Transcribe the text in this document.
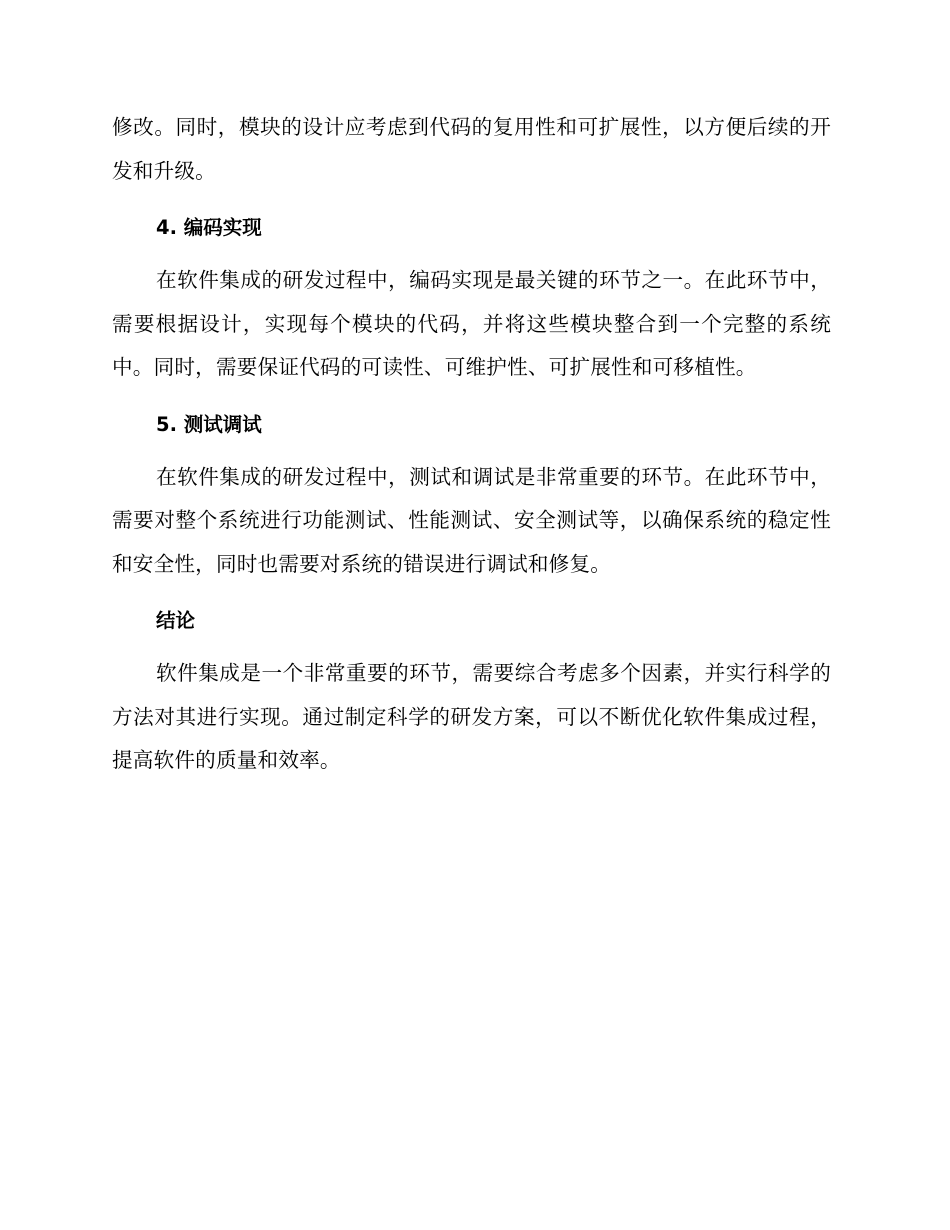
修改。同时，模块的设计应考虑到代码的复用性和可扩展性，以方便后续的开发和升级。

4. 编码实现

在软件集成的研发过程中，编码实现是最关键的环节之一。在此环节中，需要根据设计，实现每个模块的代码，并将这些模块整合到一个完整的系统中。同时，需要保证代码的可读性、可维护性、可扩展性和可移植性。

5. 测试调试

在软件集成的研发过程中，测试和调试是非常重要的环节。在此环节中，需要对整个系统进行功能测试、性能测试、安全测试等，以确保系统的稳定性和安全性，同时也需要对系统的错误进行调试和修复。

结论

软件集成是一个非常重要的环节，需要综合考虑多个因素，并实行科学的方法对其进行实现。通过制定科学的研发方案，可以不断优化软件集成过程，提高软件的质量和效率。
